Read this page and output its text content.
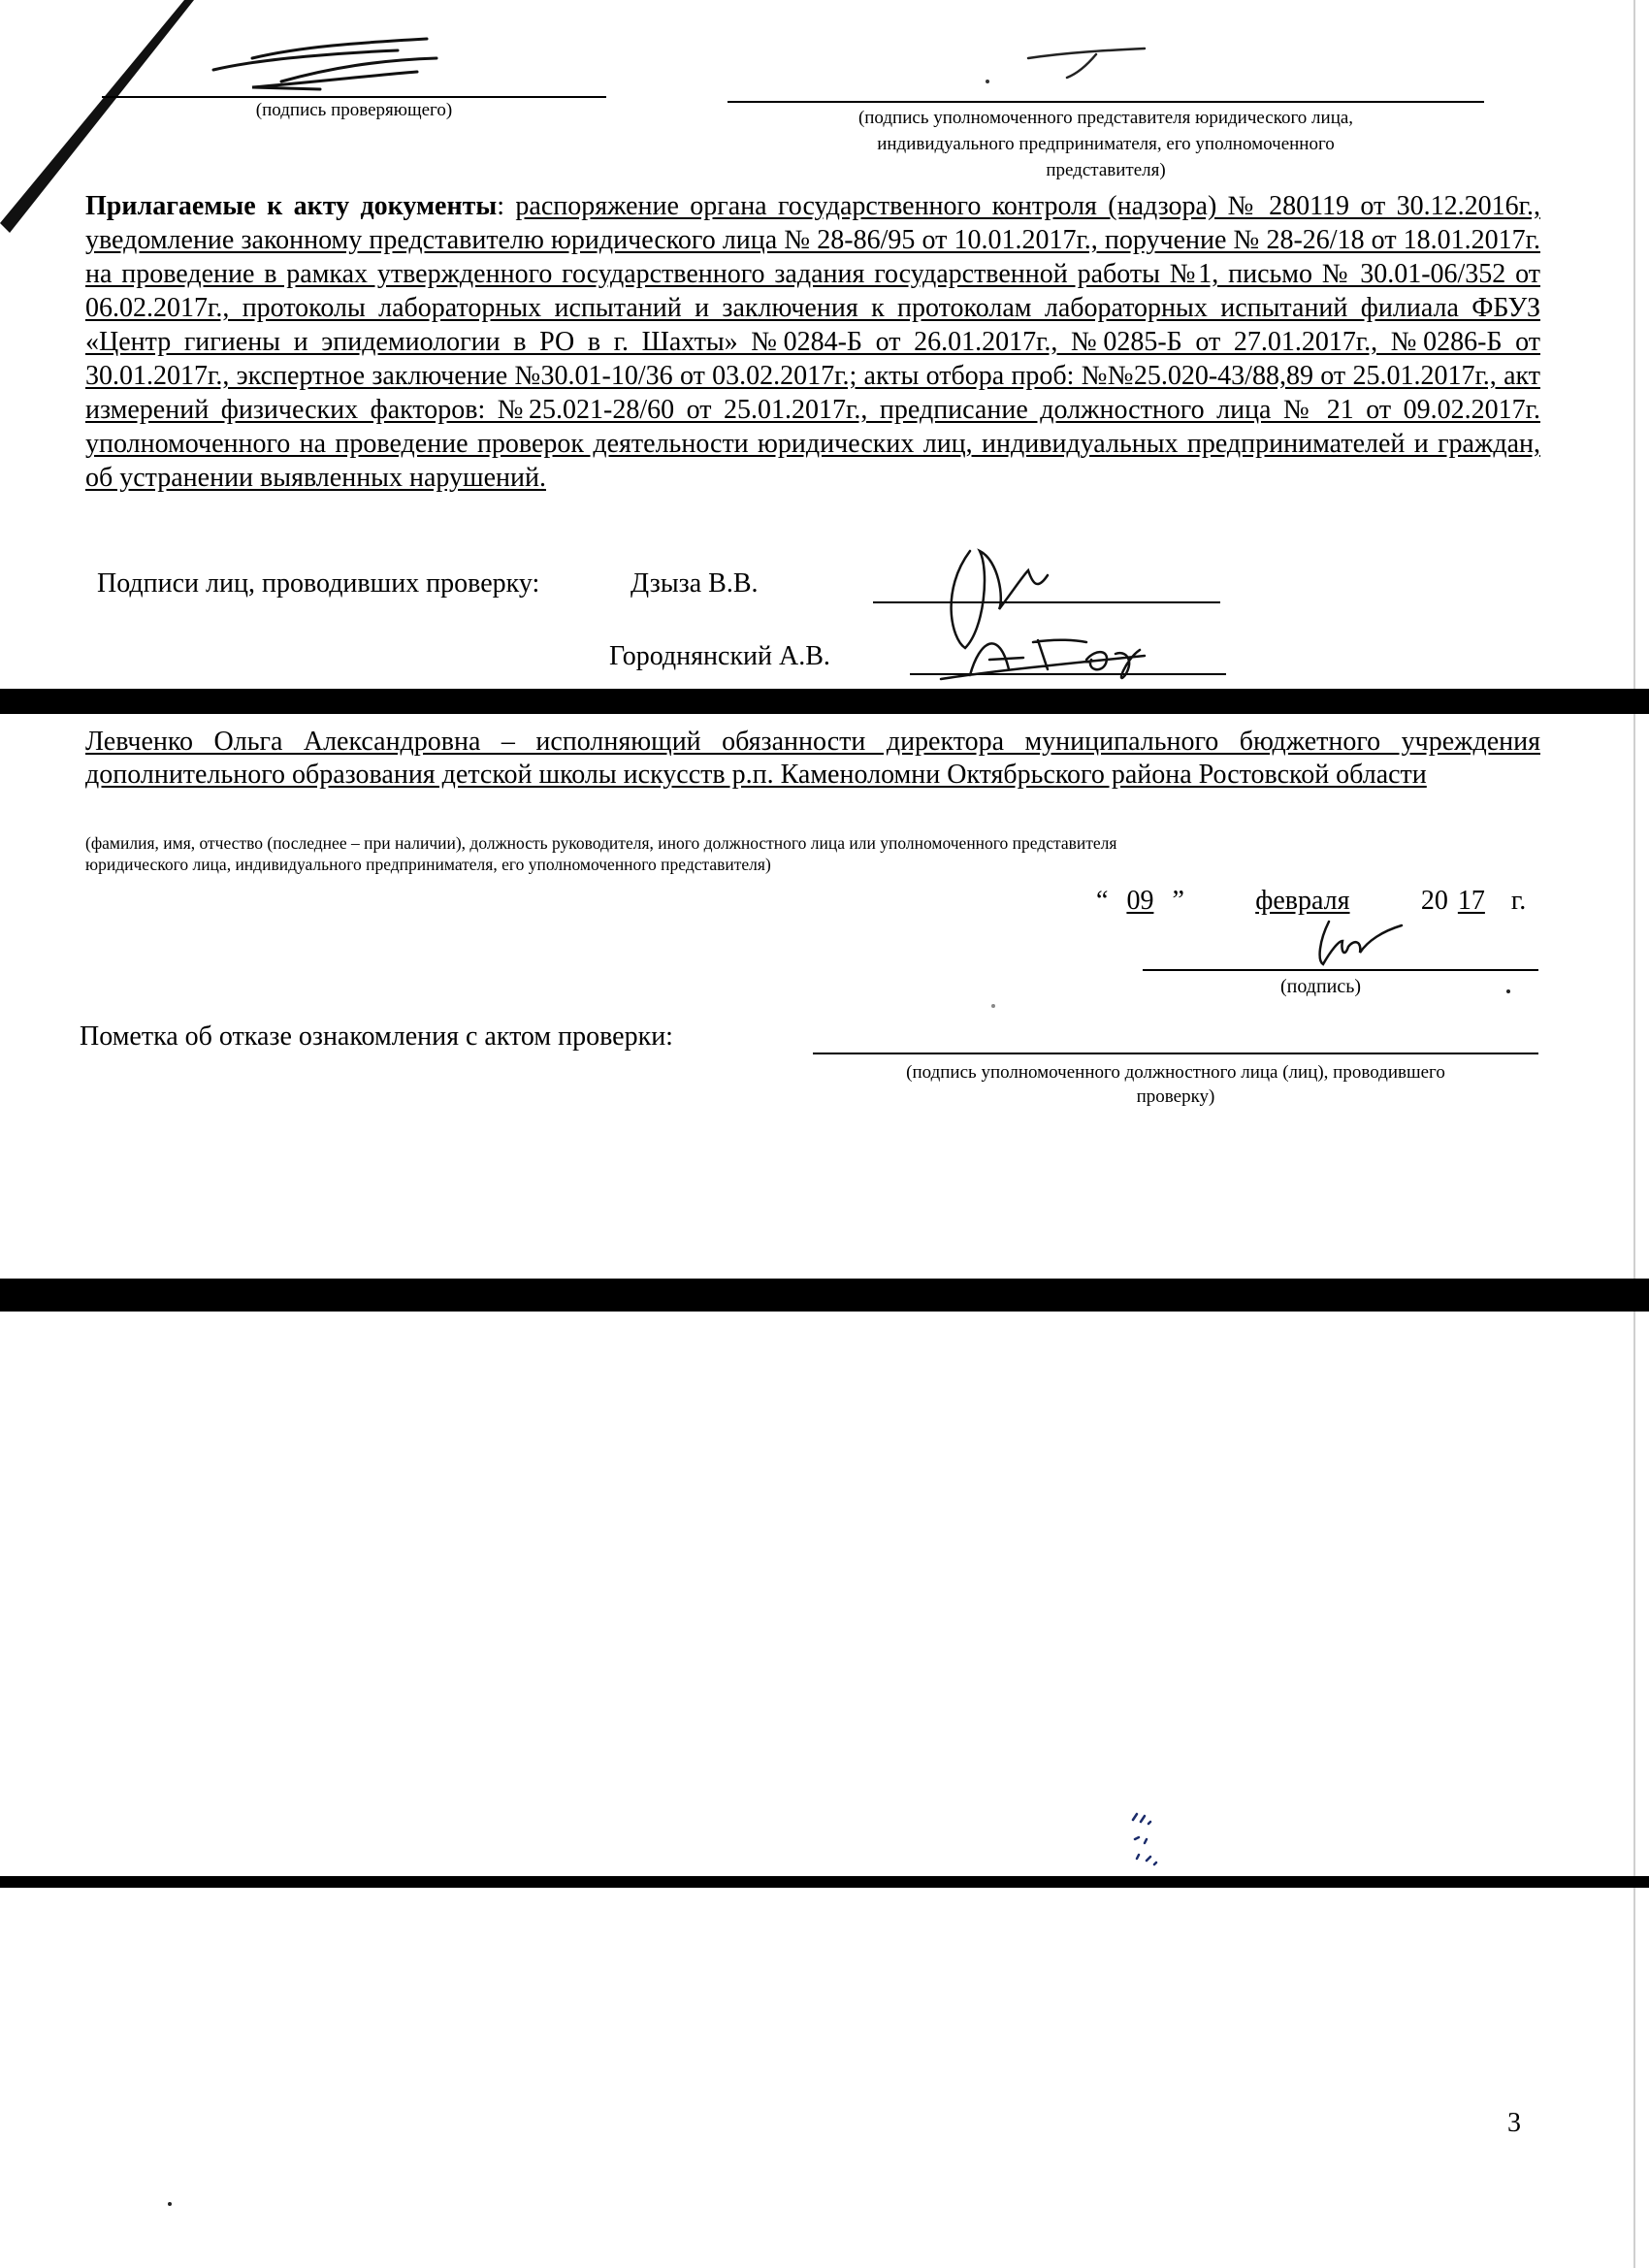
(подпись проверяющего)	(подпись уполномоченного представителя юридического лица,
индивидуального предпринимателя, его уполномоченного
представителя)
Прилагаемые к акту документы: распоряжение органа государственного контроля (надзора) № 280119 от 30.12.2016г., уведомление законному представителю юридического лица № 28-86/95 от 10.01.2017г., поручение № 28-26/18 от 18.01.2017г. на проведение в рамках утвержденного государственного задания государственной работы №1, письмо № 30.01-06/352 от 06.02.2017г., протоколы лабораторных испытаний и заключения к протоколам лабораторных испытаний филиала ФБУЗ «Центр гигиены и эпидемиологии в РО в г. Шахты» №0284-Б от 26.01.2017г., №0285-Б от 27.01.2017г., №0286-Б от 30.01.2017г., экспертное заключение №30.01-10/36 от 03.02.2017г.; акты отбора проб: №№25.020-43/88,89 от 25.01.2017г., акт измерений физических факторов: №25.021-28/60 от 25.01.2017г., предписание должностного лица № 21 от 09.02.2017г. уполномоченного на проведение проверок деятельности юридических лиц, индивидуальных предпринимателей и граждан, об устранении выявленных нарушений.
Подписи лиц, проводивших проверку:	Дзыза В.В.
Городнянский А.В.
Левченко Ольга Александровна – исполняющий обязанности директора муниципального бюджетного учреждения дополнительного образования детской школы искусств р.п. Каменоломни Октябрьского района Ростовской области
(фамилия, имя, отчество (последнее – при наличии), должность руководителя, иного должностного лица или уполномоченного представителя
юридического лица, индивидуального предпринимателя, его уполномоченного представителя)
“ 09 ”	февраля	20 17 г.
(подпись)
Пометка об отказе ознакомления с актом проверки:
(подпись уполномоченного должностного лица (лиц), проводившего
проверку)
3
